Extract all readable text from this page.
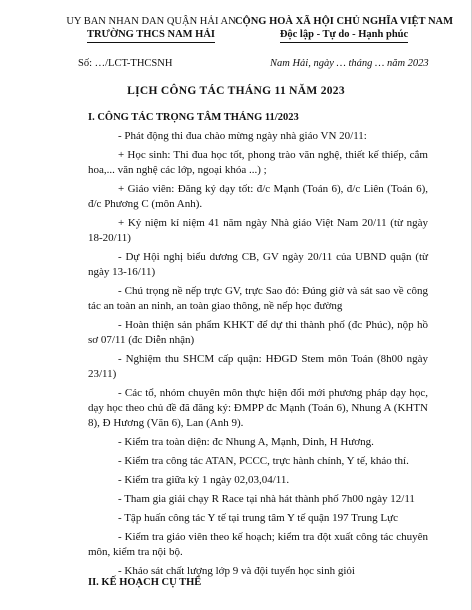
UY BAN NHAN DAN QUẬN HẢI AN
TRƯỜNG THCS NAM HẢI
CỘNG HOÀ XÃ HỘI CHỦ NGHĨA VIỆT NAM
Độc lập - Tự do - Hạnh phúc
Số: …/LCT-THCSNH	Nam Hải, ngày … tháng … năm 2023
LỊCH CÔNG TÁC THÁNG 11 NĂM 2023
I. CÔNG TÁC TRỌNG TÂM THÁNG 11/2023
- Phát động thi đua chào mừng ngày nhà giáo VN 20/11:
+ Học sinh: Thi đua học tốt, phong trào văn nghệ, thiết kế thiếp, cắm hoa,... văn nghệ các lớp, ngoại khóa ...) ;
+ Giáo viên: Đăng ký dạy tốt: đ/c Mạnh (Toán 6), đ/c Liên (Toán 6), đ/c Phương C (môn Anh).
+ Kỷ niệm kỉ niệm 41 năm ngày Nhà giáo Việt Nam 20/11 (từ ngày 18-20/11)
- Dự Hội nghị biểu dương CB, GV ngày 20/11 của UBND quận (từ ngày 13-16/11)
- Chú trọng nề nếp trực GV, trực Sao đỏ: Đúng giờ và sát sao về công tác an toàn an ninh, an toàn giao thông, nề nếp học đường
- Hoàn thiện sản phẩm KHKT để dự thi thành phố (đc Phúc), nộp hồ sơ 07/11 (đc Diễn nhận)
- Nghiệm thu SHCM cấp quận: HĐGD Stem môn Toán (8h00 ngày 23/11)
- Các tổ, nhóm chuyên môn thực hiện đổi mới phương pháp dạy học, dạy học theo chủ đề đã đăng ký: ĐMPP đc Mạnh (Toán 6), Nhung A (KHTN 8), Đ Hương (Văn 6), Lan (Anh 9).
- Kiểm tra toàn diện: đc Nhung A, Mạnh, Dinh, H Hương.
- Kiểm tra công tác ATAN, PCCC, trực hành chính, Y tế, khảo thí.
- Kiểm tra giữa kỳ 1 ngày 02,03,04/11.
- Tham gia giải chạy R Race tại nhà hát thành phố 7h00 ngày 12/11
- Tập huấn công tác Y tế tại trung tâm Y tế quận 197 Trung Lực
- Kiểm tra giáo viên theo kế hoạch; kiểm tra đột xuất công tác chuyên môn, kiểm tra nội bộ.
- Khảo sát chất lượng lớp 9 và đội tuyển học sinh giỏi
II. KẾ HOẠCH CỤ THỂ
